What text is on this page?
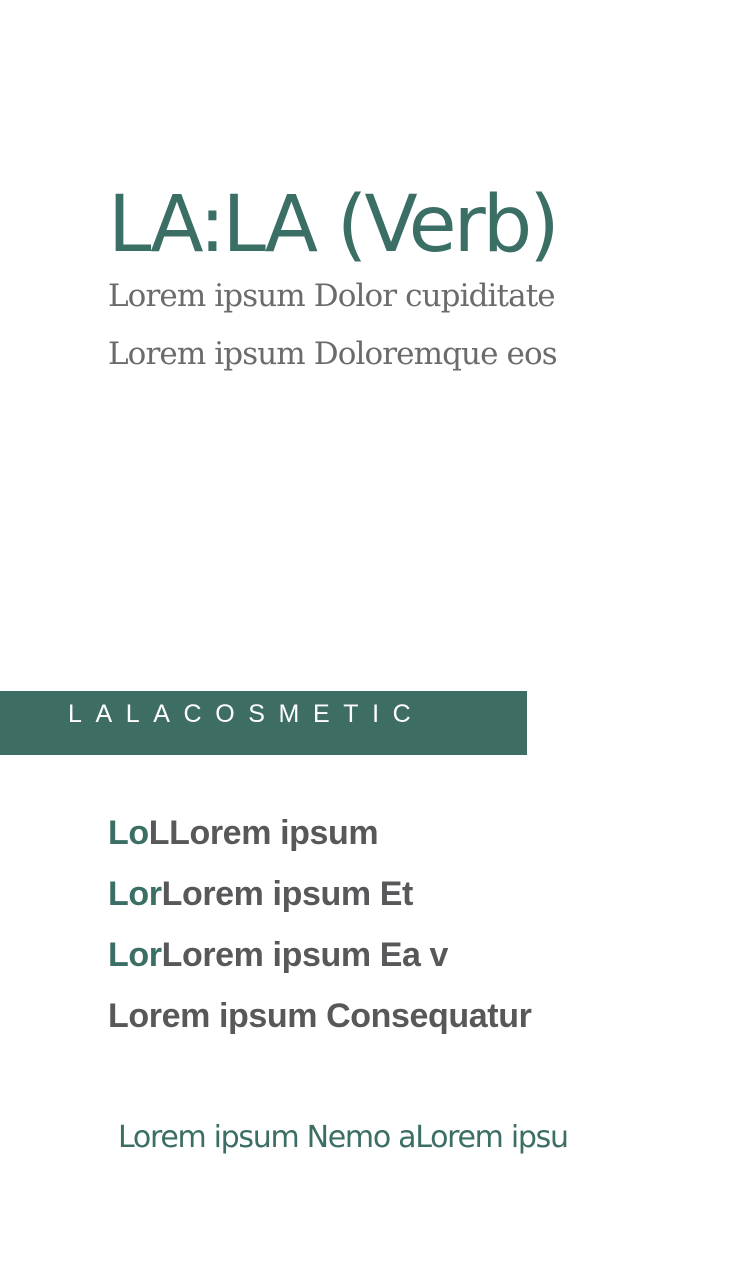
LA:LA (Verb)

Lorem ipsum Dolor cupiditate

Lorem ipsum Doloremque eos

LALACOSMETIC
LoLLorem ipsum
LorLorem ipsum Et
LorLorem ipsum Ea v
Lorem ipsum Consequatur

Lorem ipsum Nemo aLorem ipsu
